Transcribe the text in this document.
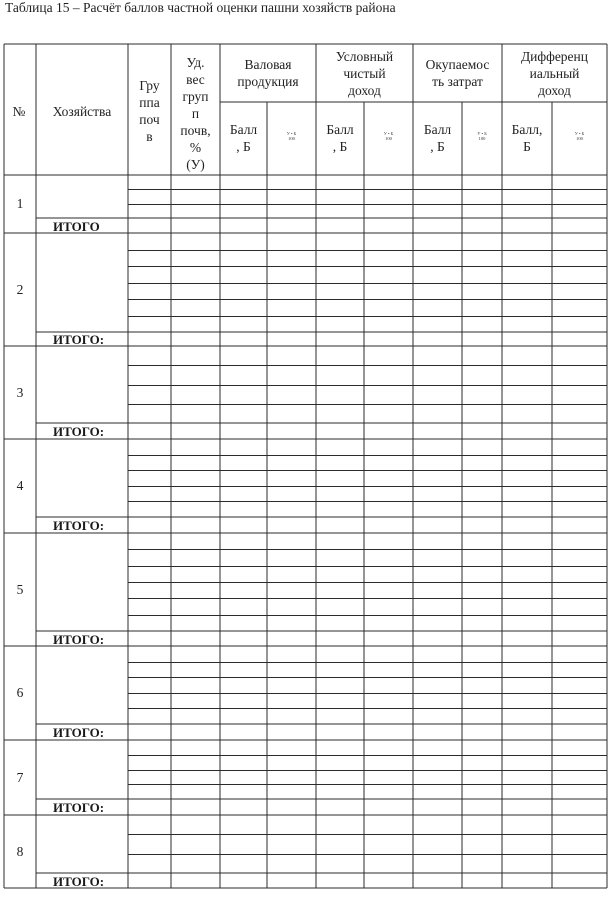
Таблица 15 – Расчёт баллов частной оценки пашни хозяйств района
№	Хозяйства
Гру
ппа
поч
в
Уд.
вес
груп
п
почв,
%
(У)
Валовая
продукция
Условный
чистый
доход
Окупаемос
ть затрат
Дифференц
иальный
доход
Балл
, Б
У • Б
100
Балл
, Б
У • Б
100
Балл
, Б
У • Б
100
Балл,
Б
У • Б
100
1
ИТОГО
2
ИТОГО:
3
ИТОГО:
4
ИТОГО:
5
ИТОГО:
6
ИТОГО:
7
ИТОГО:
8
ИТОГО:
